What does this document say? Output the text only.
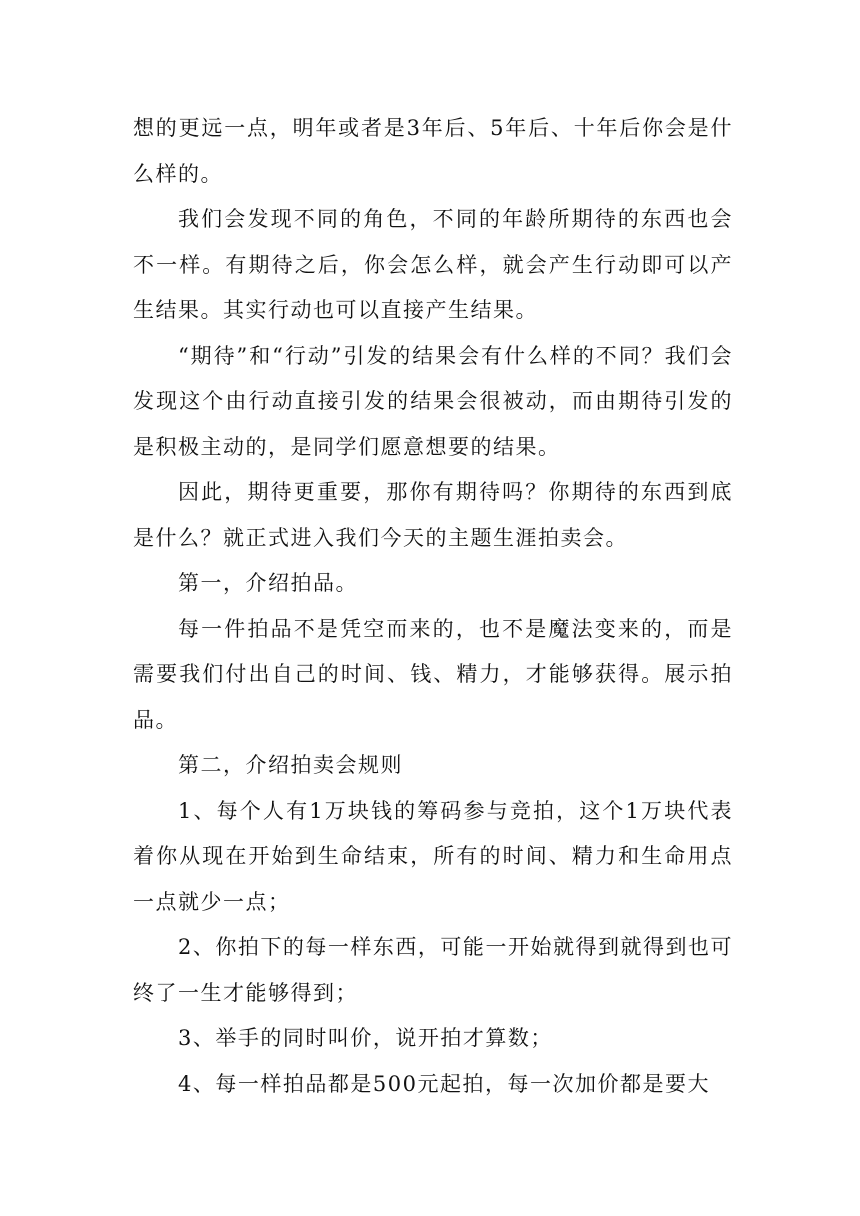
想的更远一点，明年或者是3年后、5年后、十年后你会是什么样的。

我们会发现不同的角色，不同的年龄所期待的东西也会不一样。有期待之后，你会怎么样，就会产生行动即可以产生结果。其实行动也可以直接产生结果。

“期待”和“行动”引发的结果会有什么样的不同？我们会发现这个由行动直接引发的结果会很被动，而由期待引发的是积极主动的，是同学们愿意想要的结果。

因此，期待更重要，那你有期待吗？你期待的东西到底是什么？就正式进入我们今天的主题生涯拍卖会。

第一，介绍拍品。

每一件拍品不是凭空而来的，也不是魔法变来的，而是需要我们付出自己的时间、钱、精力，才能够获得。展示拍品。

第二，介绍拍卖会规则

1、每个人有1万块钱的筹码参与竞拍，这个1万块代表着你从现在开始到生命结束，所有的时间、精力和生命用点一点就少一点；

2、你拍下的每一样东西，可能一开始就得到就得到也可终了一生才能够得到；

3、举手的同时叫价，说开拍才算数；

4、每一样拍品都是500元起拍，每一次加价都是要大
